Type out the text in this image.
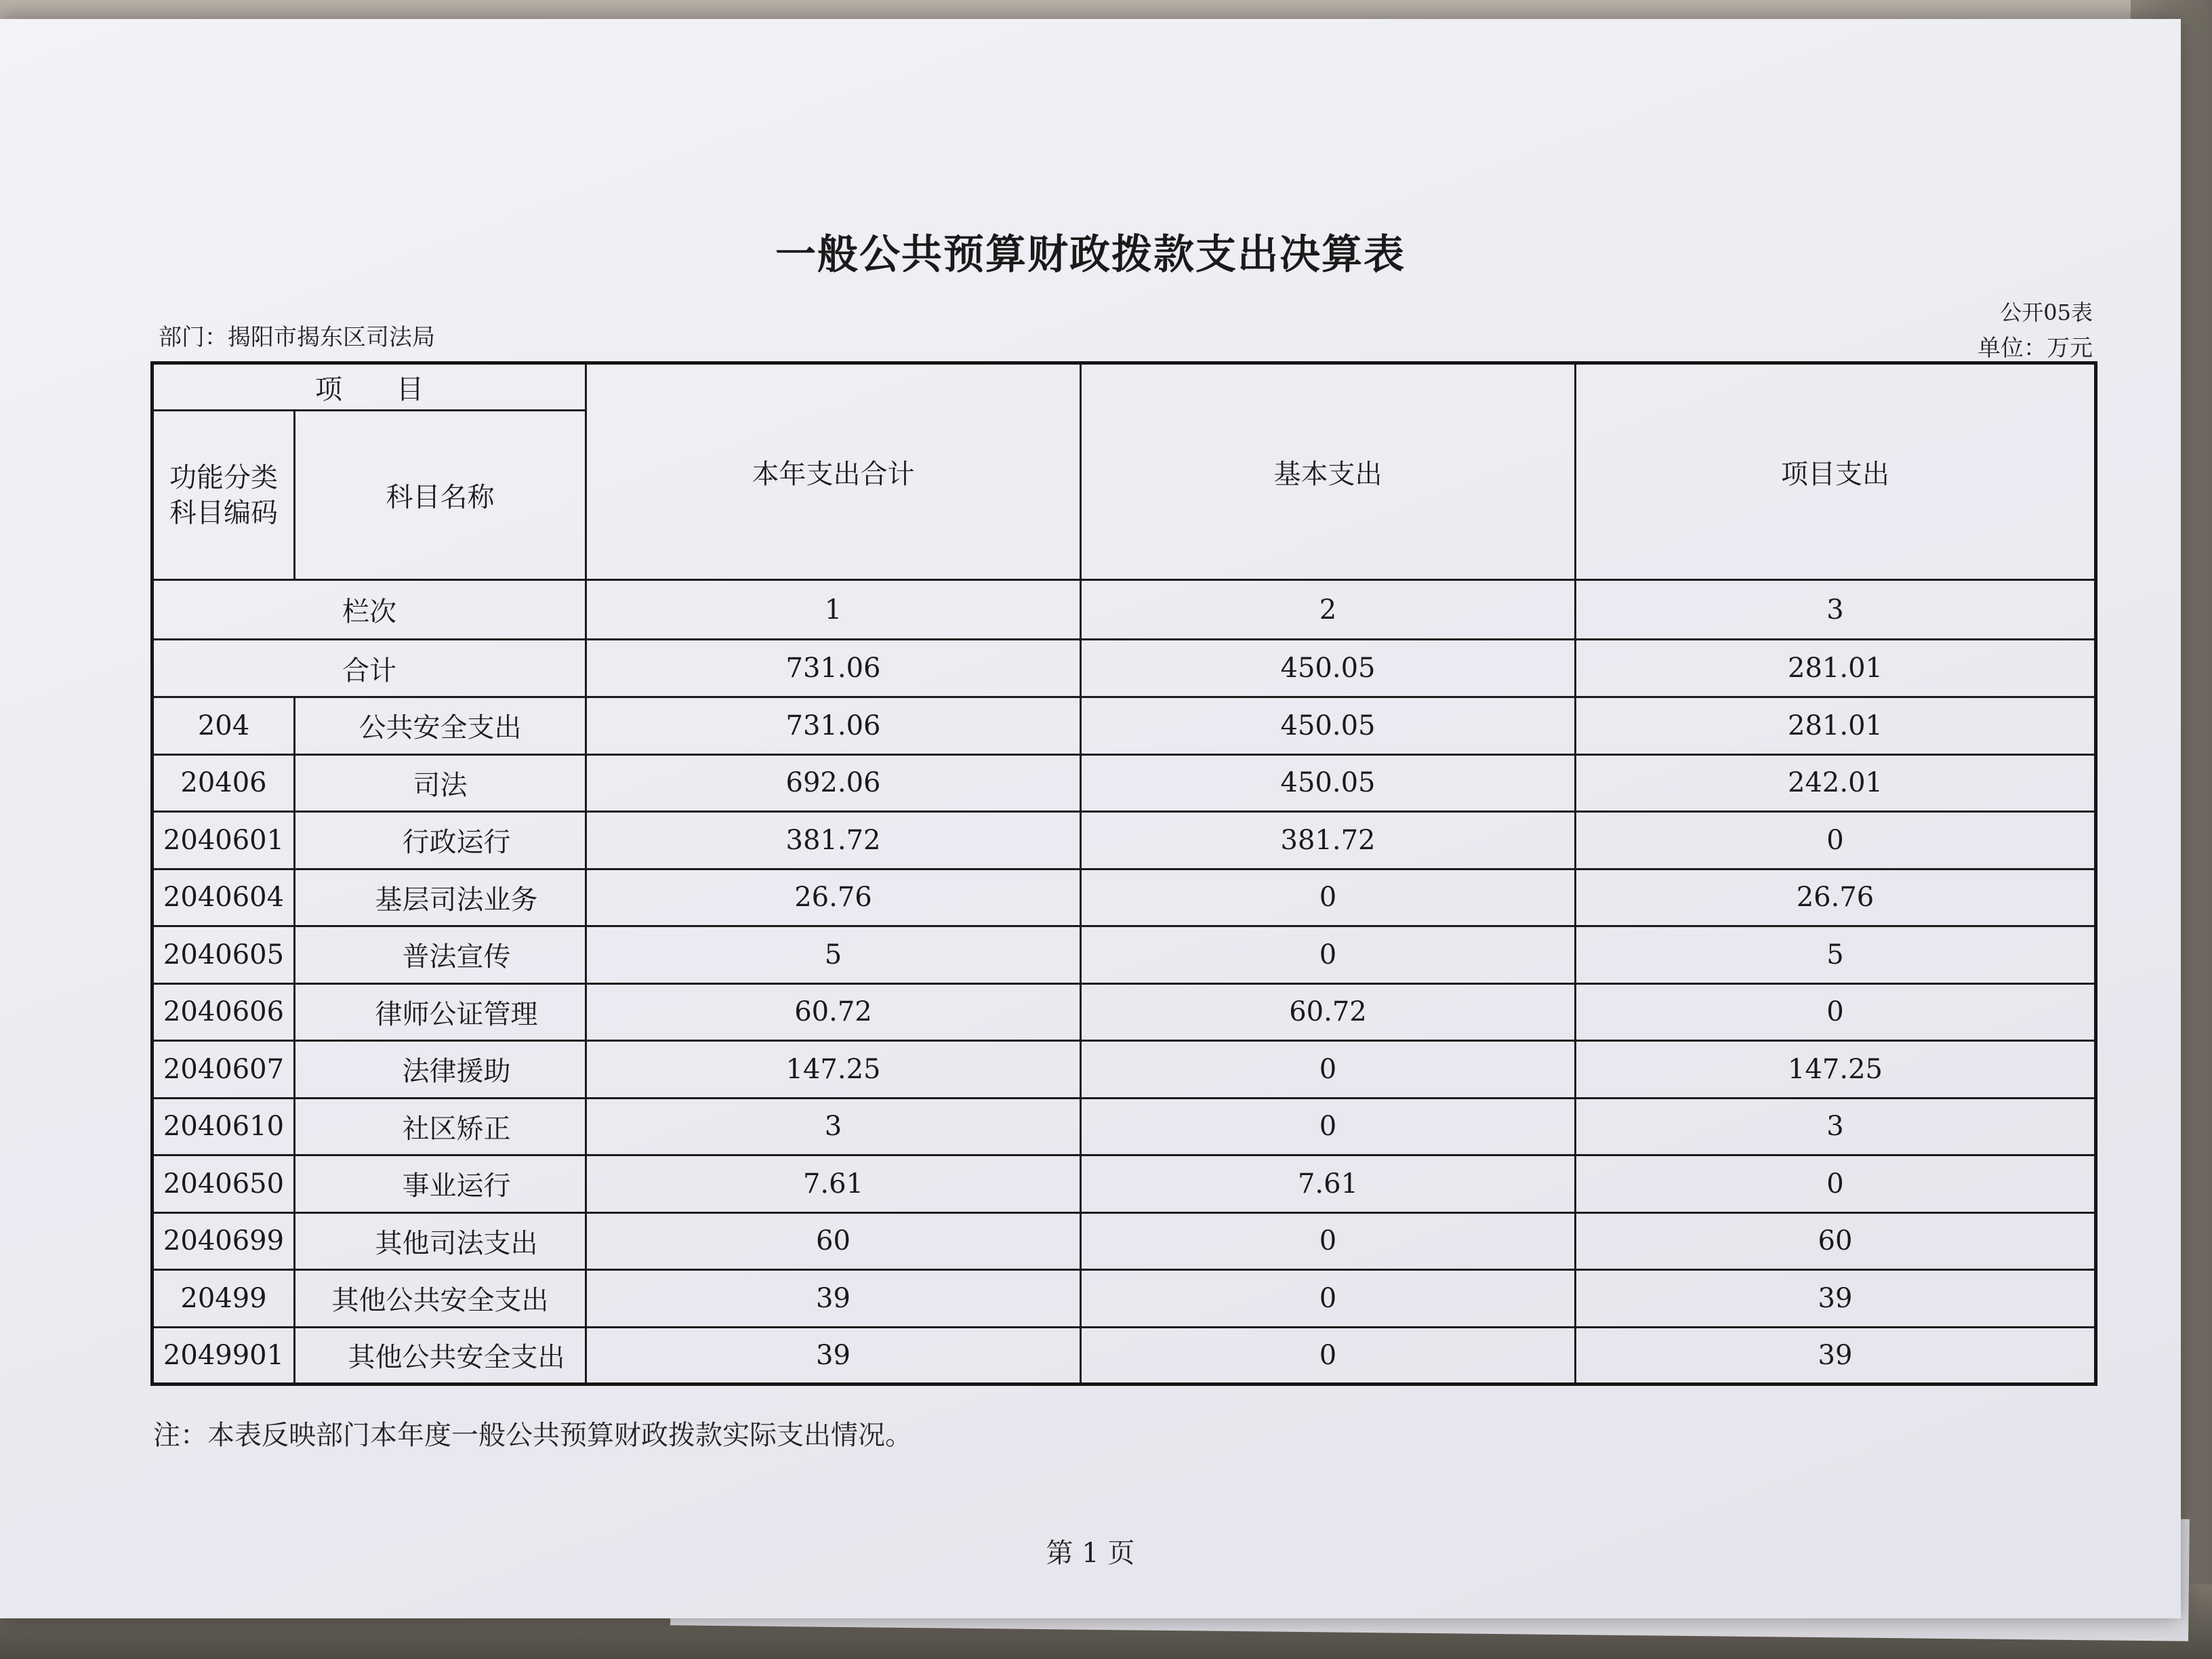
一般公共预算财政拨款支出决算表
部门：揭阳市揭东区司法局
公开05表
单位：万元
项　　目		本年支出合计	基本支出	项目支出
功能分类
科目编码	科目名称			
栏次		1	2	3
合计		731.06	450.05	281.01
204	公共安全支出	731.06	450.05	281.01
20406	司法	692.06	450.05	242.01
2040601	行政运行	381.72	381.72	0
2040604	基层司法业务	26.76	0	26.76
2040605	普法宣传	5	0	5
2040606	律师公证管理	60.72	60.72	0
2040607	法律援助	147.25	0	147.25
2040610	社区矫正	3	0	3
2040650	事业运行	7.61	7.61	0
2040699	其他司法支出	60	0	60
20499	其他公共安全支出	39	0	39
2049901	其他公共安全支出	39	0	39
注：本表反映部门本年度一般公共预算财政拨款实际支出情况。
第 1 页
